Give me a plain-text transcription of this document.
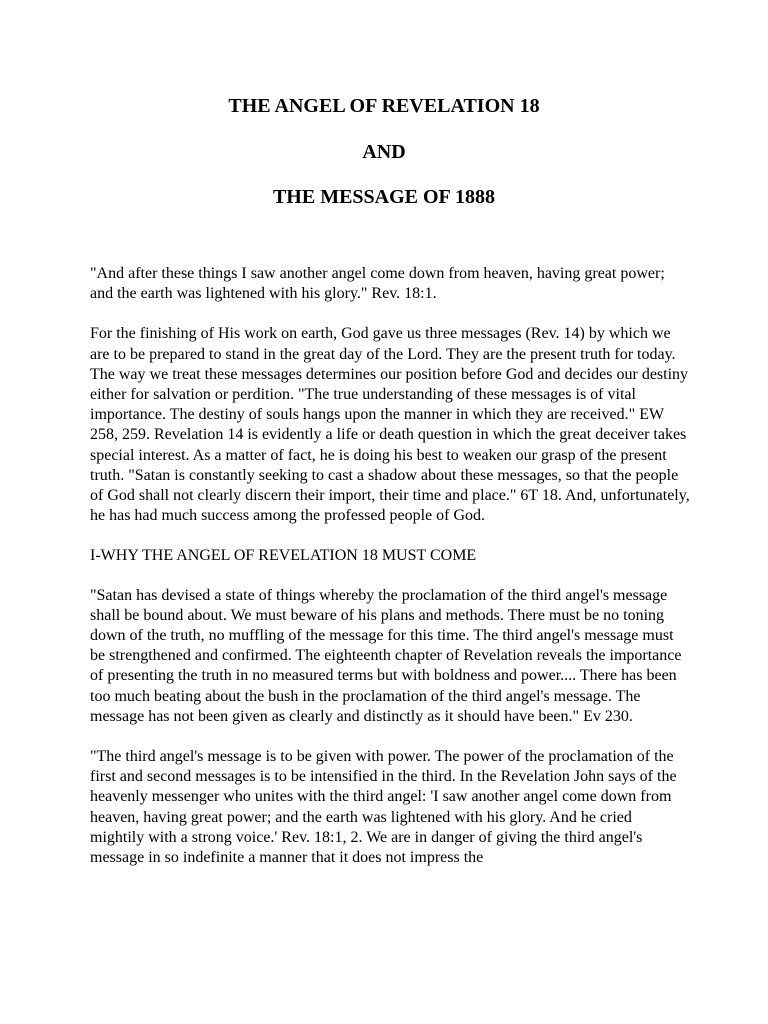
THE ANGEL OF REVELATION 18
AND
THE MESSAGE OF 1888

"And after these things I saw another angel come down from heaven, having great power; and the earth was lightened with his glory." Rev. 18:1.

For the finishing of His work on earth, God gave us three messages (Rev. 14) by which we are to be prepared to stand in the great day of the Lord. They are the present truth for today. The way we treat these messages determines our position before God and decides our destiny either for salvation or perdition. "The true understanding of these messages is of vital importance. The destiny of souls hangs upon the manner in which they are received." EW 258, 259. Revelation 14 is evidently a life or death question in which the great deceiver takes special interest. As a matter of fact, he is doing his best to weaken our grasp of the present truth. "Satan is constantly seeking to cast a shadow about these messages, so that the people of God shall not clearly discern their import, their time and place." 6T 18. And, unfortunately, he has had much success among the professed people of God.

I-WHY THE ANGEL OF REVELATION 18 MUST COME

"Satan has devised a state of things whereby the proclamation of the third angel's message shall be bound about. We must beware of his plans and methods. There must be no toning down of the truth, no muffling of the message for this time. The third angel's message must be strengthened and confirmed. The eighteenth chapter of Revelation reveals the importance of presenting the truth in no measured terms but with boldness and power.... There has been too much beating about the bush in the proclamation of the third angel's message. The message has not been given as clearly and distinctly as it should have been." Ev 230.

"The third angel's message is to be given with power. The power of the proclamation of the first and second messages is to be intensified in the third. In the Revelation John says of the heavenly messenger who unites with the third angel: 'I saw another angel come down from heaven, having great power; and the earth was lightened with his glory. And he cried mightily with a strong voice.' Rev. 18:1, 2. We are in danger of giving the third angel's message in so indefinite a manner that it does not impress the
